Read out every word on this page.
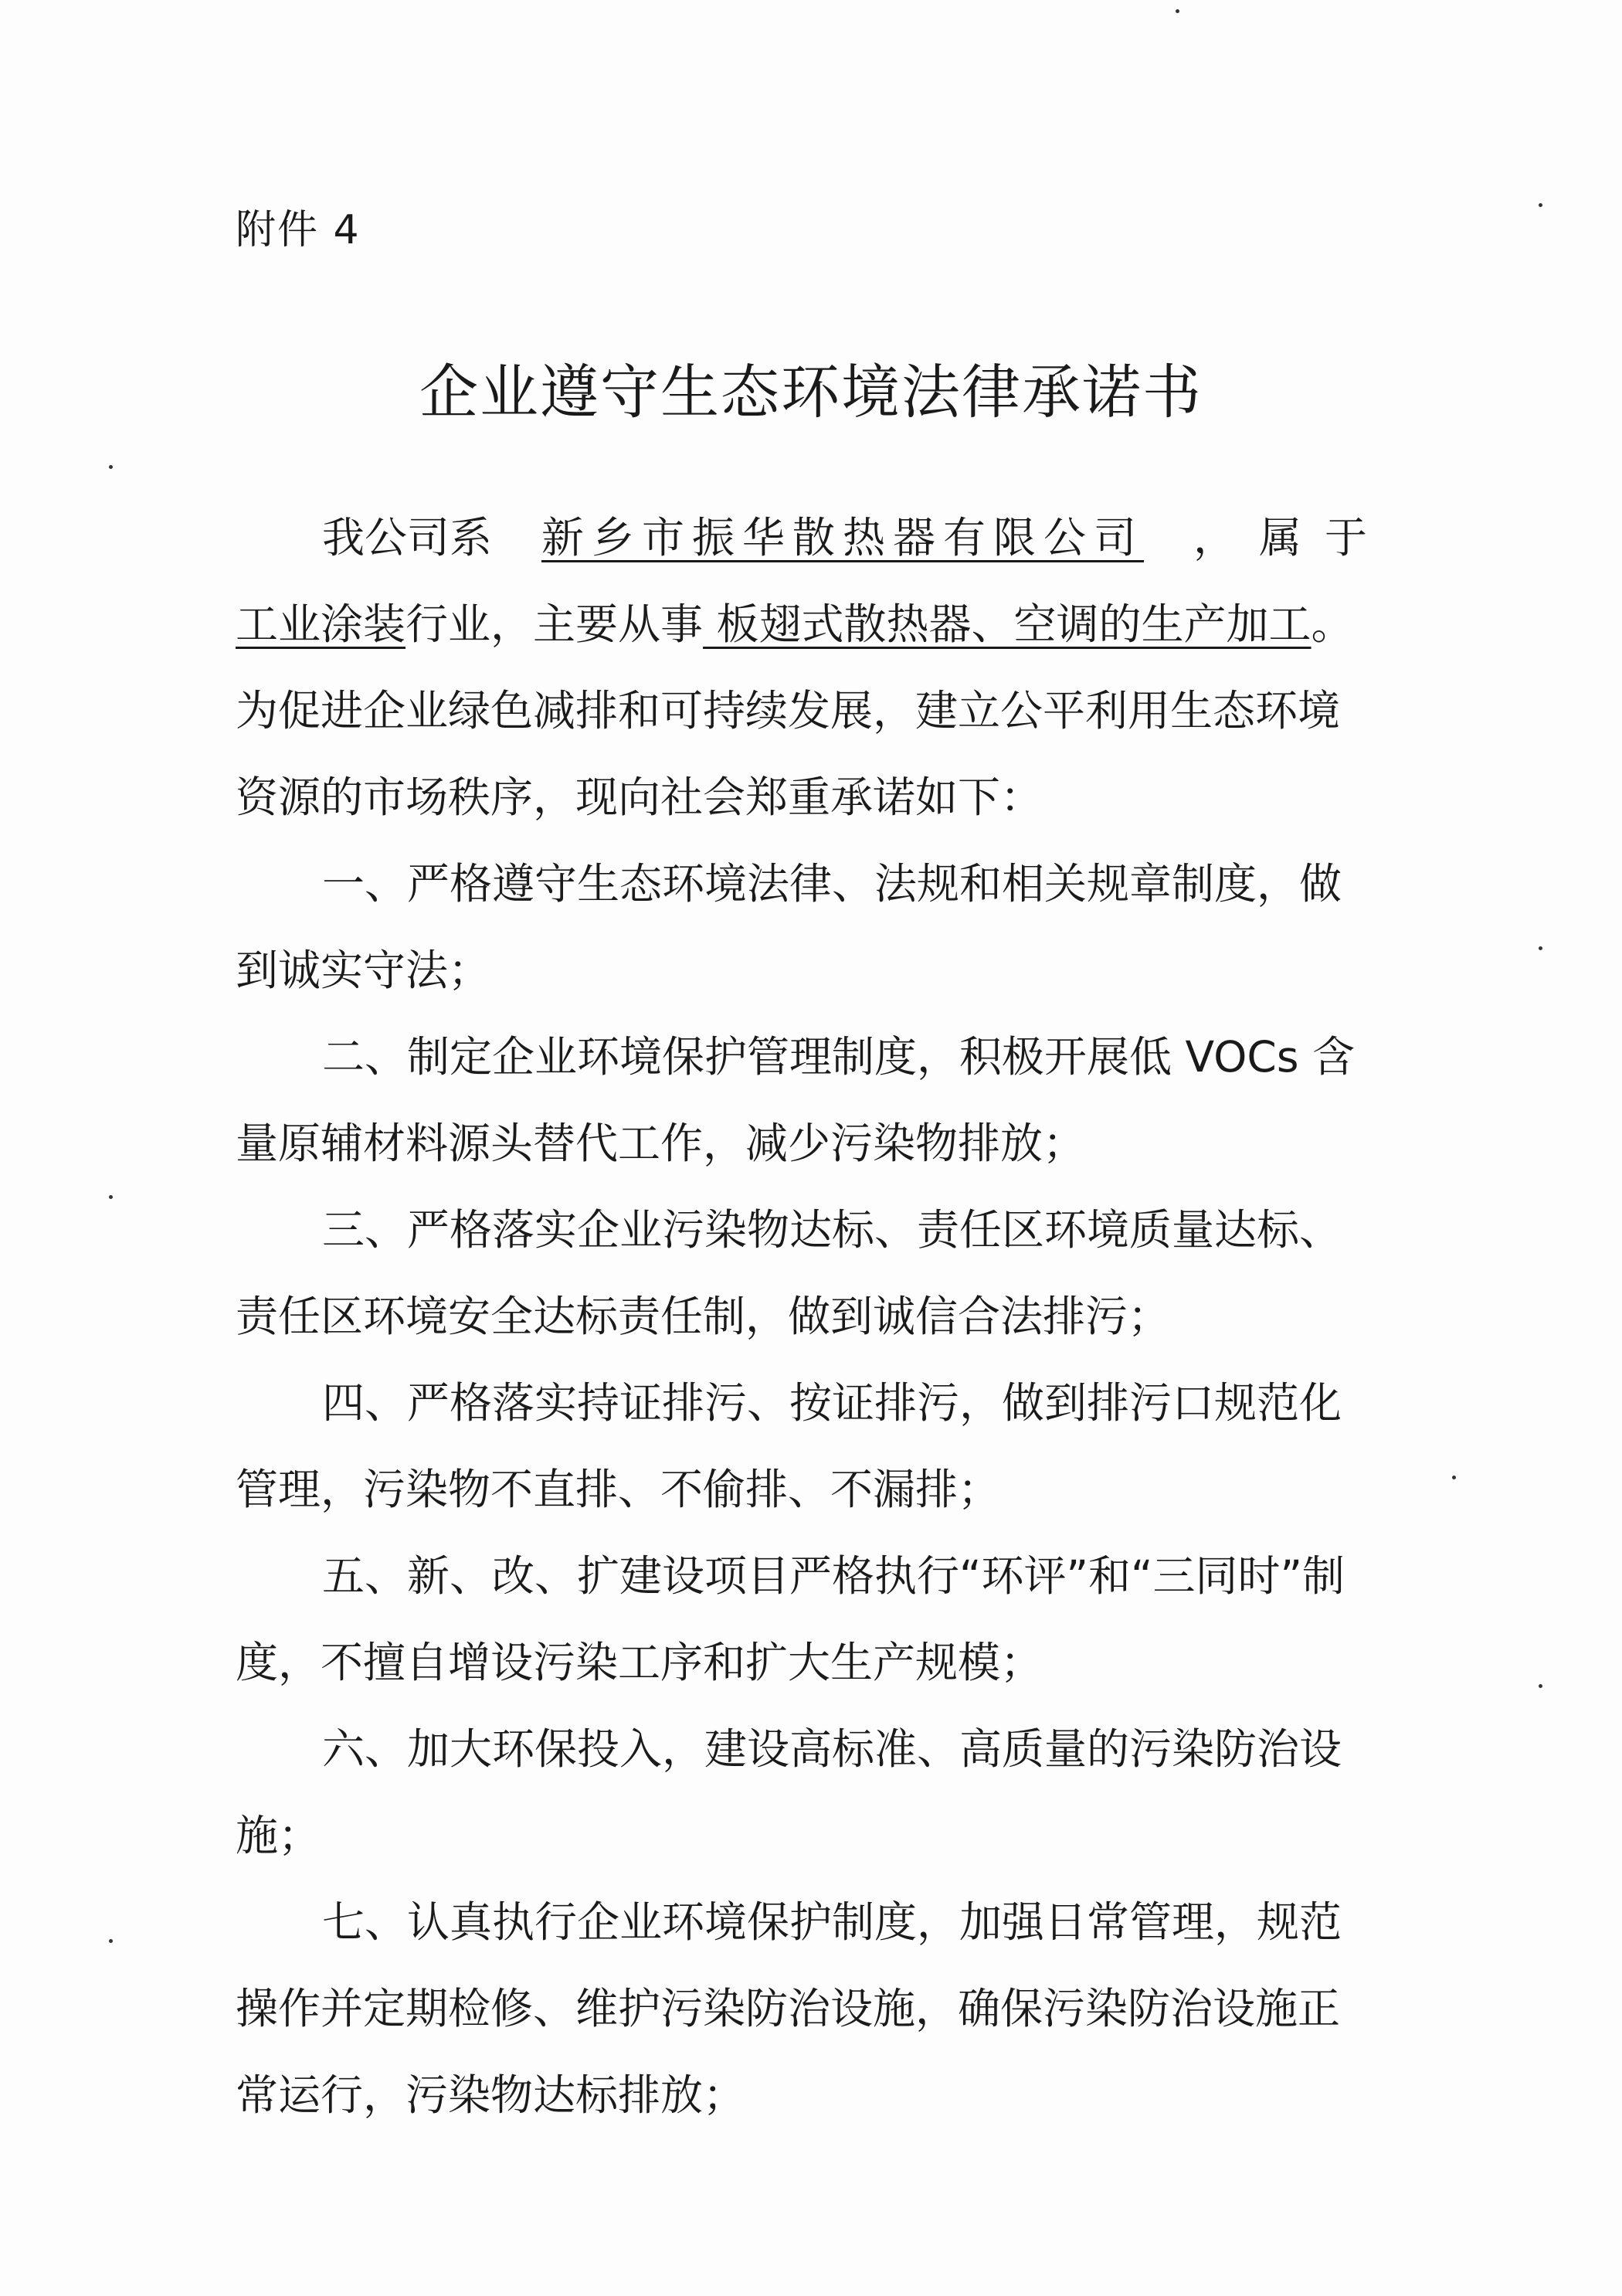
附件 4
企业遵守生态环境法律承诺书
我公司系 新乡市振华散热器有限公司 ，属于
工业涂装行业，主要从事 板翅式散热器、空调的生产加工。
为促进企业绿色减排和可持续发展，建立公平利用生态环境
资源的市场秩序，现向社会郑重承诺如下：
一、严格遵守生态环境法律、法规和相关规章制度，做
到诚实守法；
二、制定企业环境保护管理制度，积极开展低 VOCs 含
量原辅材料源头替代工作，减少污染物排放；
三、严格落实企业污染物达标、责任区环境质量达标、
责任区环境安全达标责任制，做到诚信合法排污；
四、严格落实持证排污、按证排污，做到排污口规范化
管理，污染物不直排、不偷排、不漏排；
五、新、改、扩建设项目严格执行“环评”和“三同时”制
度，不擅自增设污染工序和扩大生产规模；
六、加大环保投入，建设高标准、高质量的污染防治设
施；
七、认真执行企业环境保护制度，加强日常管理，规范
操作并定期检修、维护污染防治设施，确保污染防治设施正
常运行，污染物达标排放；
